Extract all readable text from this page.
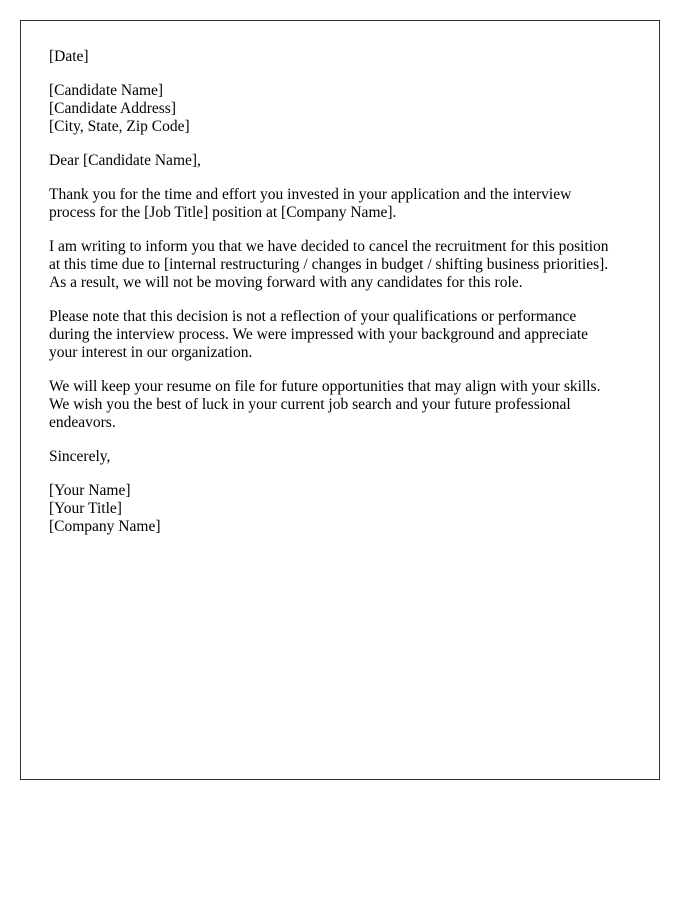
[Date]
[Candidate Name]
[Candidate Address]
[City, State, Zip Code]
Dear [Candidate Name],

Thank you for the time and effort you invested in your application and the interview
process for the [Job Title] position at [Company Name].

I am writing to inform you that we have decided to cancel the recruitment for this position
at this time due to [internal restructuring / changes in budget / shifting business priorities].
As a result, we will not be moving forward with any candidates for this role.

Please note that this decision is not a reflection of your qualifications or performance
during the interview process. We were impressed with your background and appreciate
your interest in our organization.

We will keep your resume on file for future opportunities that may align with your skills.
We wish you the best of luck in your current job search and your future professional
endeavors.

Sincerely,
[Your Name]
[Your Title]
[Company Name]
